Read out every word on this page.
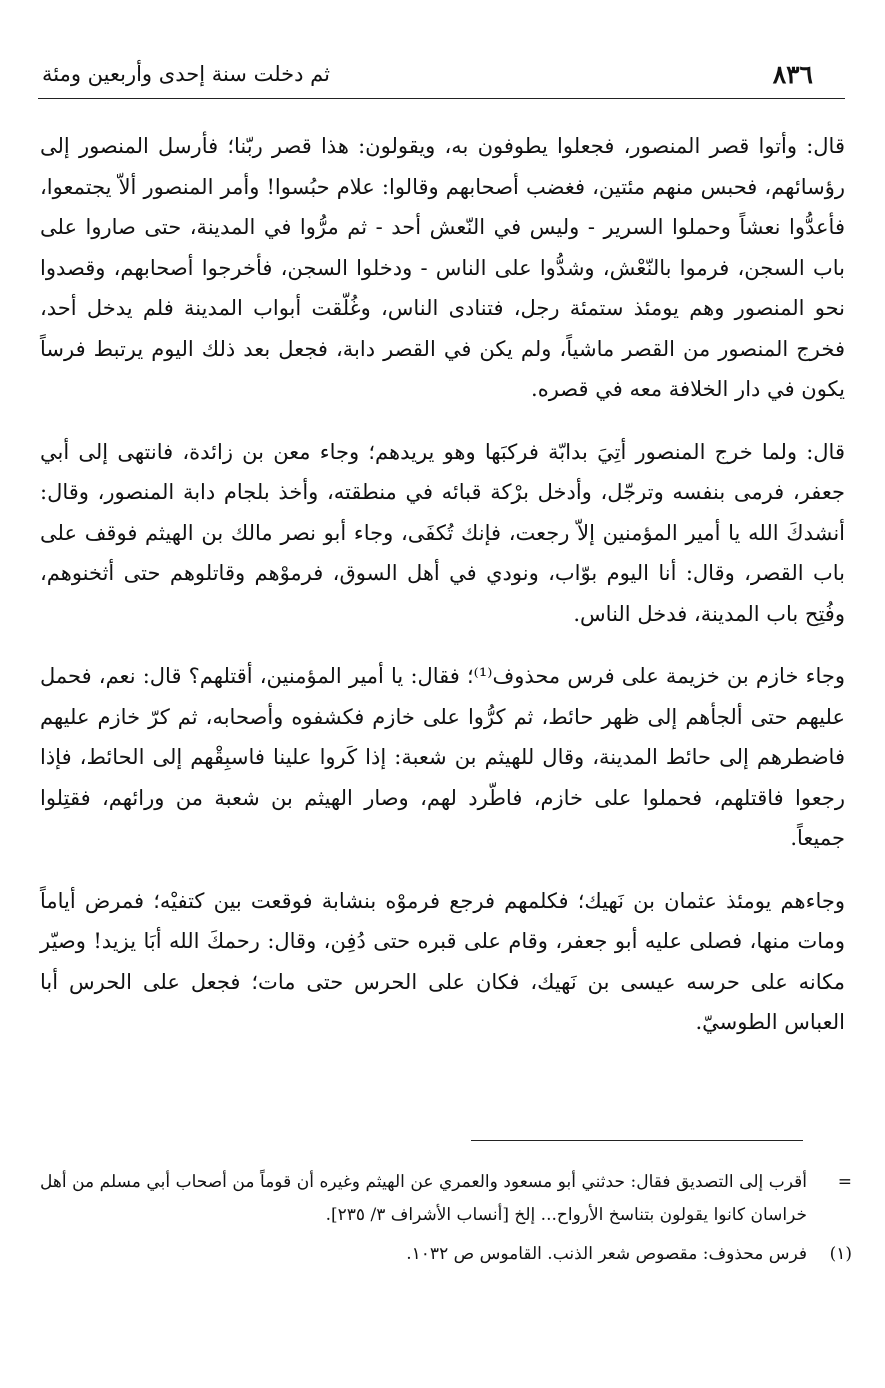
٨٣٦
ثم دخلت سنة إحدى وأربعين ومئة

قال: وأتوا قصر المنصور، فجعلوا يطوفون به، ويقولون: هذا قصر ربّنا؛ فأرسل المنصور إلى رؤسائهم، فحبس منهم مئتين، فغضب أصحابهم وقالوا: علام حبُسوا! وأمر المنصور ألاّ يجتمعوا، فأعدُّوا نعشاً وحملوا السرير - وليس في النّعش أحد - ثم مرُّوا في المدينة، حتى صاروا على باب السجن، فرموا بالنّعْش، وشدُّوا على الناس - ودخلوا السجن، فأخرجوا أصحابهم، وقصدوا نحو المنصور وهم يومئذ ستمئة رجل، فتنادى الناس، وغُلّقت أبواب المدينة فلم يدخل أحد، فخرج المنصور من القصر ماشياً، ولم يكن في القصر دابة، فجعل بعد ذلك اليوم يرتبط فرساً يكون في دار الخلافة معه في قصره.

قال: ولما خرج المنصور أتِيَ بدابّة فركبَها وهو يريدهم؛ وجاء معن بن زائدة، فانتهى إلى أبي جعفر، فرمى بنفسه وترجّل، وأدخل برْكة قبائه في منطقته، وأخذ بلجام دابة المنصور، وقال: أنشدكَ الله يا أمير المؤمنين إلاّ رجعت، فإنك تُكفَى، وجاء أبو نصر مالك بن الهيثم فوقف على باب القصر، وقال: أنا اليوم بوّاب، ونودي في أهل السوق، فرموْهم وقاتلوهم حتى أثخنوهم، وفُتِح باب المدينة، فدخل الناس.

وجاء خازم بن خزيمة على فرس محذوف⁽¹⁾؛ فقال: يا أمير المؤمنين، أقتلهم؟ قال: نعم، فحمل عليهم حتى ألجأهم إلى ظهر حائط، ثم كرُّوا على خازم فكشفوه وأصحابه، ثم كرّ خازم عليهم فاضطرهم إلى حائط المدينة، وقال للهيثم بن شعبة: إذا كَروا علينا فاسبِقْهم إلى الحائط، فإذا رجعوا فاقتلهم، فحملوا على خازم، فاطّرد لهم، وصار الهيثم بن شعبة من ورائهم، فقتِلوا جميعاً.

وجاءهم يومئذ عثمان بن نَهيك؛ فكلمهم فرجع فرموْه بنشابة فوقعت بين كتفيْه؛ فمرض أياماً ومات منها، فصلى عليه أبو جعفر، وقام على قبره حتى دُفِن، وقال: رحمكَ الله أبَا يزيد! وصيّر مكانه على حرسه عيسى بن نَهيك، فكان على الحرس حتى مات؛ فجعل على الحرس أبا العباس الطوسيّ.

=
أقرب إلى التصديق فقال: حدثني أبو مسعود والعمري عن الهيثم وغيره أن قوماً من أصحاب أبي مسلم من أهل خراسان كانوا يقولون بتناسخ الأرواح... إلخ [أنساب الأشراف ٣/ ٢٣٥].
(١)
فرس محذوف: مقصوص شعر الذنب. القاموس ص ١٠٣٢.
